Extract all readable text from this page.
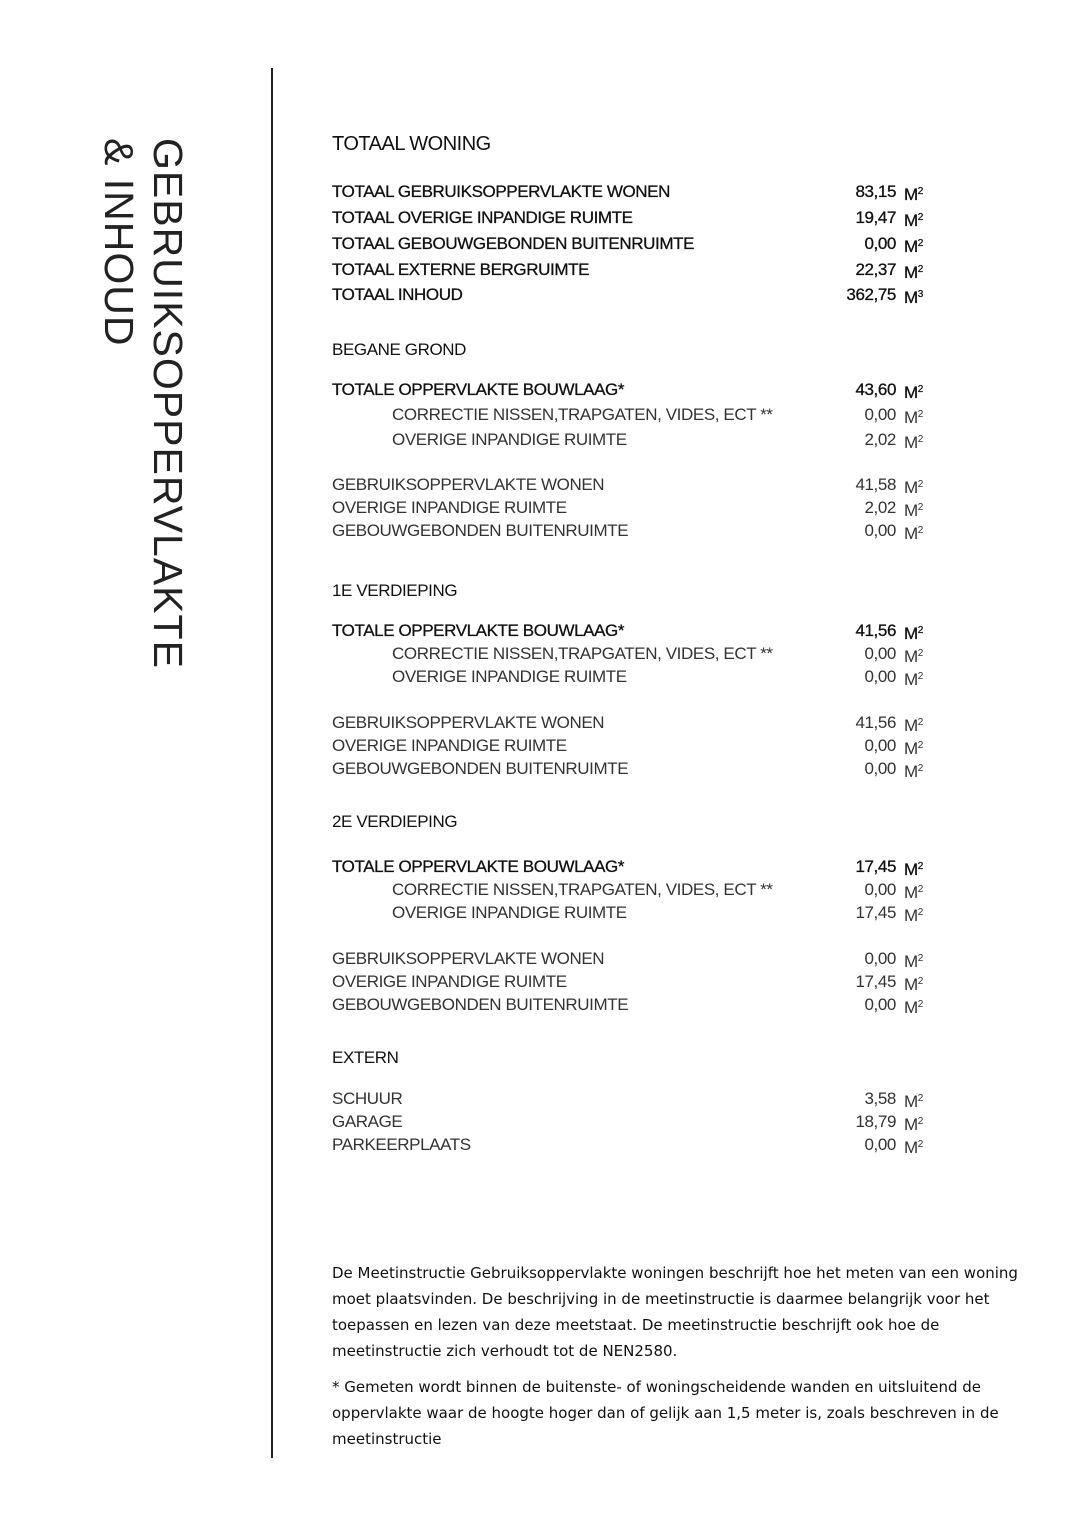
GEBRUIKSOPPERVLAKTE
& INHOUD	TOTAAL WONING
TOTAAL GEBRUIKSOPPERVLAKTE WONEN	83,15 $M^2$
TOTAAL OVERIGE INPANDIGE RUIMTE	19,47 $M^2$
TOTAAL GEBOUWGEBONDEN BUITENRUIMTE	0,00 $M^2$
TOTAAL EXTERNE BERGRUIMTE	22,37 $M^2$
TOTAAL INHOUD	362,75 $M^3$
BEGANE GROND
TOTALE OPPERVLAKTE BOUWLAAG*	43,60 $M^2$
CORRECTIE NISSEN,TRAPGATEN, VIDES, ECT **	0,00 $M^2$
OVERIGE INPANDIGE RUIMTE	2,02 $M^2$
GEBRUIKSOPPERVLAKTE WONEN	41,58 $M^2$
OVERIGE INPANDIGE RUIMTE	2,02 $M^2$
GEBOUWGEBONDEN BUITENRUIMTE	0,00 $M^2$
1E VERDIEPING
TOTALE OPPERVLAKTE BOUWLAAG*	41,56 $M^2$
CORRECTIE NISSEN,TRAPGATEN, VIDES, ECT **	0,00 $M^2$
OVERIGE INPANDIGE RUIMTE	0,00 $M^2$
GEBRUIKSOPPERVLAKTE WONEN	41,56 $M^2$
OVERIGE INPANDIGE RUIMTE	0,00 $M^2$
GEBOUWGEBONDEN BUITENRUIMTE	0,00 $M^2$
2E VERDIEPING
TOTALE OPPERVLAKTE BOUWLAAG*	17,45 $M^2$
CORRECTIE NISSEN,TRAPGATEN, VIDES, ECT **	0,00 $M^2$
OVERIGE INPANDIGE RUIMTE	17,45 $M^2$
GEBRUIKSOPPERVLAKTE WONEN	0,00 $M^2$
OVERIGE INPANDIGE RUIMTE	17,45 $M^2$
GEBOUWGEBONDEN BUITENRUIMTE	0,00 $M^2$
EXTERN
SCHUUR	3,58 $M^2$
GARAGE	18,79 $M^2$
PARKEERPLAATS	0,00 $M^2$

De Meetinstructie Gebruiksoppervlakte woningen beschrijft hoe het meten van een woning moet plaatsvinden. De beschrijving in de meetinstructie is daarmee belangrijk voor het toepassen en lezen van deze meetstaat. De meetinstructie beschrijft ook hoe de meetinstructie zich verhoudt tot de NEN2580.

* Gemeten wordt binnen de buitenste- of woningscheidende wanden en uitsluitend de oppervlakte waar de hoogte hoger dan of gelijk aan 1,5 meter is, zoals beschreven in de meetinstructie
